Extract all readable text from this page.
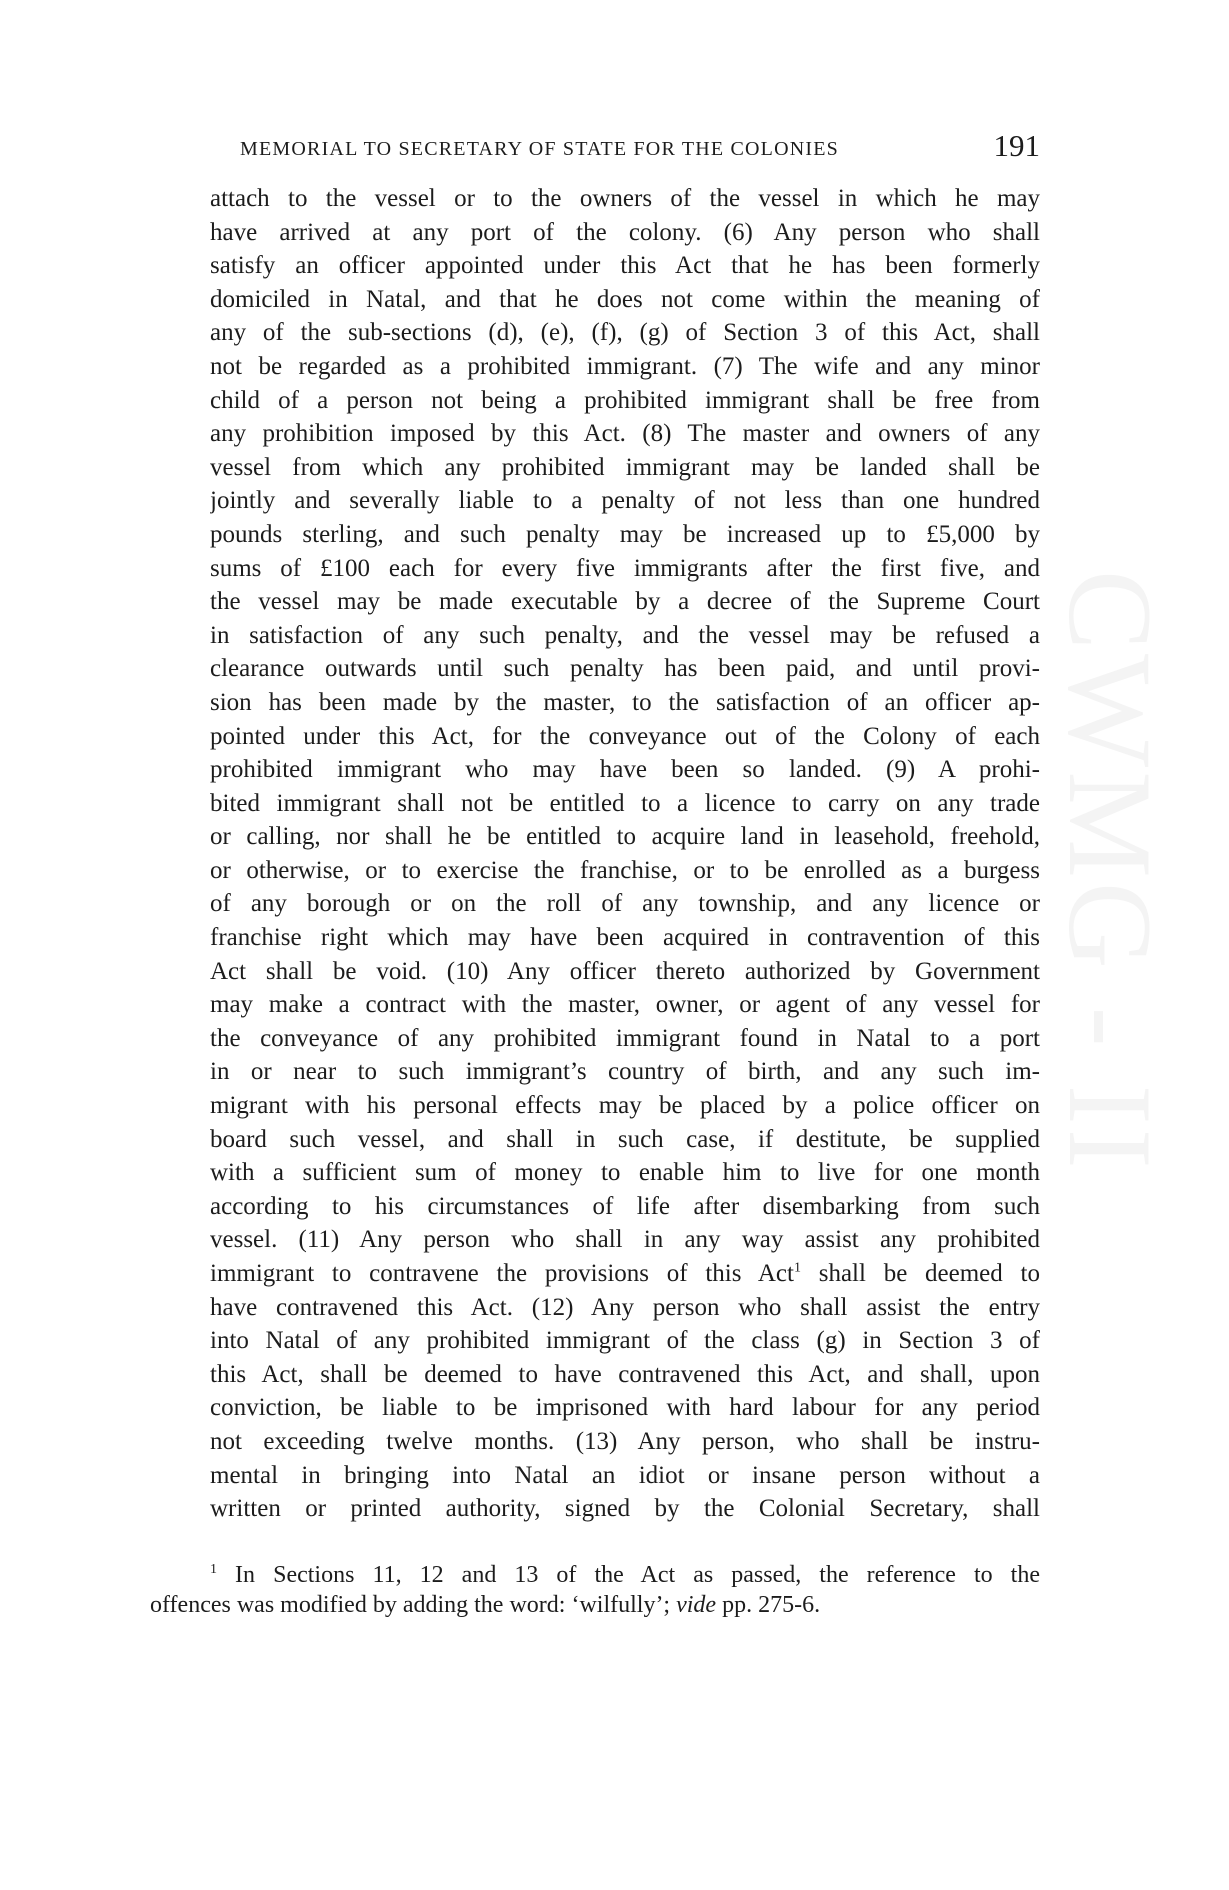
CWMG - II
MEMORIAL TO SECRETARY OF STATE FOR THE COLONIES	191
attach to the vessel or to the owners of the vessel in which he may
have arrived at any port of the colony. (6) Any person who shall
satisfy an officer appointed under this Act that he has been formerly
domiciled in Natal, and that he does not come within the meaning of
any of the sub-sections (d), (e), (f), (g) of Section 3 of this Act, shall
not be regarded as a prohibited immigrant. (7) The wife and any minor
child of a person not being a prohibited immigrant shall be free from
any prohibition imposed by this Act. (8) The master and owners of any
vessel from which any prohibited immigrant may be landed shall be
jointly and severally liable to a penalty of not less than one hundred
pounds sterling, and such penalty may be increased up to £5,000 by
sums of £100 each for every five immigrants after the first five, and
the vessel may be made executable by a decree of the Supreme Court
in satisfaction of any such penalty, and the vessel may be refused a
clearance outwards until such penalty has been paid, and until provi-
sion has been made by the master, to the satisfaction of an officer ap-
pointed under this Act, for the conveyance out of the Colony of each
prohibited immigrant who may have been so landed. (9) A prohi-
bited immigrant shall not be entitled to a licence to carry on any trade
or calling, nor shall he be entitled to acquire land in leasehold, freehold,
or otherwise, or to exercise the franchise, or to be enrolled as a burgess
of any borough or on the roll of any township, and any licence or
franchise right which may have been acquired in contravention of this
Act shall be void. (10) Any officer thereto authorized by Government
may make a contract with the master, owner, or agent of any vessel for
the conveyance of any prohibited immigrant found in Natal to a port
in or near to such immigrant’s country of birth, and any such im-
migrant with his personal effects may be placed by a police officer on
board such vessel, and shall in such case, if destitute, be supplied
with a sufficient sum of money to enable him to live for one month
according to his circumstances of life after disembarking from such
vessel. (11) Any person who shall in any way assist any prohibited
immigrant to contravene the provisions of this Act$^1$ shall be deemed to
have contravened this Act. (12) Any person who shall assist the entry
into Natal of any prohibited immigrant of the class (g) in Section 3 of
this Act, shall be deemed to have contravened this Act, and shall, upon
conviction, be liable to be imprisoned with hard labour for any period
not exceeding twelve months. (13) Any person, who shall be instru-
mental in bringing into Natal an idiot or insane person without a
written or printed authority, signed by the Colonial Secretary, shall
$^1$ In Sections 11, 12 and 13 of the Act as passed, the reference to the
offences was modified by adding the word: ‘wilfully’; vide pp. 275-6.
